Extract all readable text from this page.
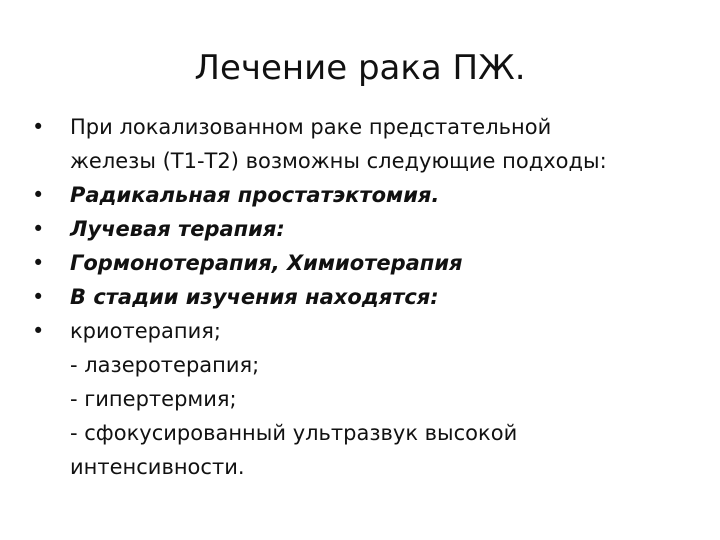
Лечение рака ПЖ.
•	При локализованном раке предстательной
железы (Т1-Т2) возможны следующие подходы:
•	Радикальная простатэктомия.
•	Лучевая терапия:
•	Гормонотерапия, Химиотерапия
•	В стадии изучения находятся:
•	криотерапия;
- лазеротерапия;
- гипертермия;
- сфокусированный ультразвук высокой
интенсивности.
